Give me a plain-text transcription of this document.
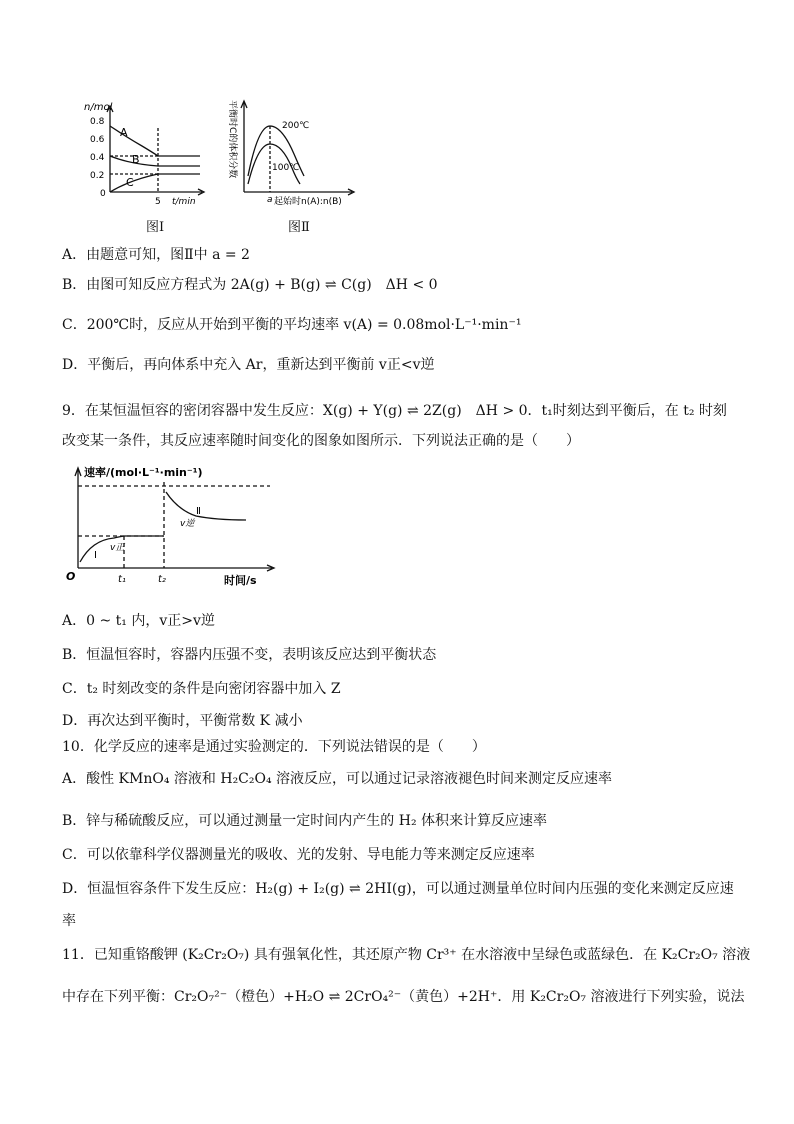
n/mol
0.8
0.6
0.4
0.2
0
5 t/min
A
B
C
图Ⅰ
平衡时C的体积分数	200℃
100℃
a 起始时n(A):n(B)
图Ⅱ
A．由题意可知，图Ⅱ中 a = 2
B．由图可知反应方程式为 2A(g) + B(g) ⇌ C(g)　ΔH < 0
C．200℃时，反应从开始到平衡的平均速率 v(A) = 0.08mol·L⁻¹·min⁻¹
D．平衡后，再向体系中充入 Ar，重新达到平衡前 v正<v逆
9．在某恒温恒容的密闭容器中发生反应：X(g) + Y(g) ⇌ 2Z(g)　ΔH > 0．t₁时刻达到平衡后，在 t₂ 时刻
改变某一条件，其反应速率随时间变化的图象如图所示．下列说法正确的是（　　）
速率/(mol·L⁻¹·min⁻¹)
时间/s
O	t₁	t₂
Ⅰ
Ⅱ
v正
v逆
A．0 ~ t₁ 内，v正>v逆
B．恒温恒容时，容器内压强不变，表明该反应达到平衡状态
C．t₂ 时刻改变的条件是向密闭容器中加入 Z
D．再次达到平衡时，平衡常数 K 减小
10．化学反应的速率是通过实验测定的．下列说法错误的是（　　）
A．酸性 KMnO₄ 溶液和 H₂C₂O₄ 溶液反应，可以通过记录溶液褪色时间来测定反应速率
B．锌与稀硫酸反应，可以通过测量一定时间内产生的 H₂ 体积来计算反应速率
C．可以依靠科学仪器测量光的吸收、光的发射、导电能力等来测定反应速率
D．恒温恒容条件下发生反应：H₂(g) + I₂(g) ⇌ 2HI(g)，可以通过测量单位时间内压强的变化来测定反应速
率
11．已知重铬酸钾 (K₂Cr₂O₇) 具有强氧化性，其还原产物 Cr³⁺ 在水溶液中呈绿色或蓝绿色．在 K₂Cr₂O₇ 溶液
中存在下列平衡：Cr₂O₇²⁻（橙色）+H₂O ⇌ 2CrO₄²⁻（黄色）+2H⁺．用 K₂Cr₂O₇ 溶液进行下列实验，说法
